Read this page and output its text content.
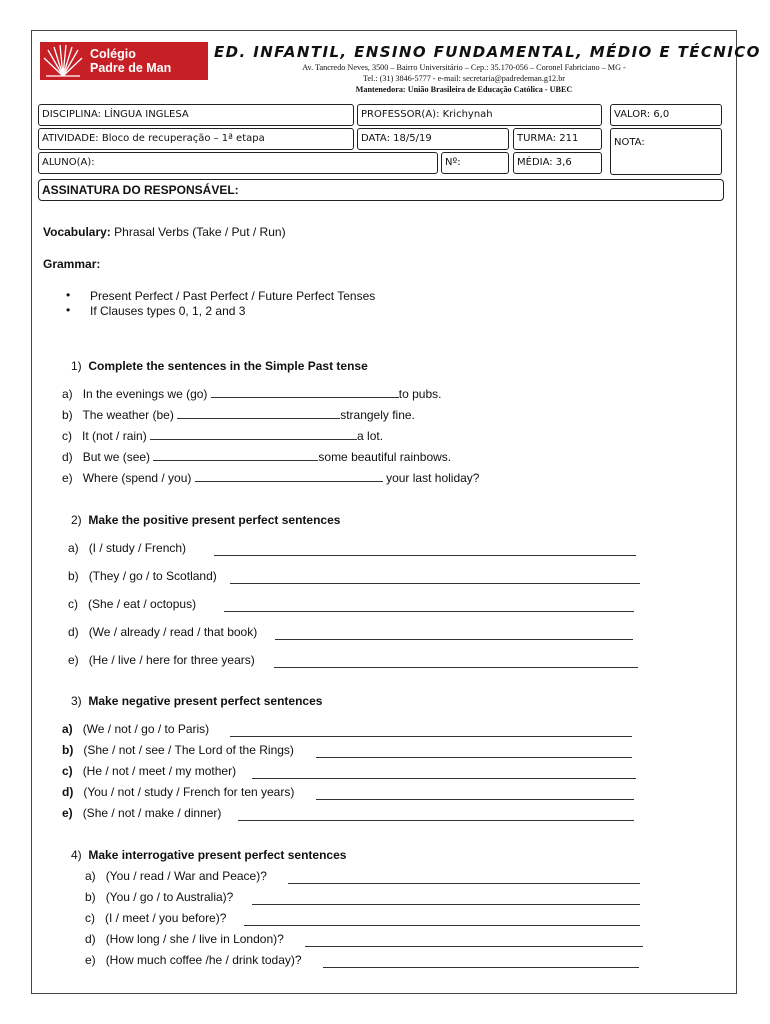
Colégio
Padre de Man
ED. INFANTIL, ENSINO FUNDAMENTAL, MÉDIO E TÉCNICO
Av. Tancredo Neves, 3500 – Bairro Universitário – Cep.: 35.170-056 – Coronel Fabriciano – MG -
Tel.: (31) 3846-5777 - e-mail: secretaria@padredeman.g12.br
Mantenedora: União Brasileira de Educação Católica - UBEC
DISCIPLINA: LÍNGUA INGLESA	PROFESSOR(A): Krichynah	VALOR: 6,0
ATIVIDADE: Bloco de recuperação – 1ª etapa	DATA: 18/5/19	TURMA: 211	NOTA:
ALUNO(A):	Nº:	MÉDIA: 3,6
ASSINATURA DO RESPONSÁVEL:
Vocabulary: Phrasal Verbs (Take / Put / Run)
Grammar:
• Present Perfect / Past Perfect / Future Perfect Tenses
• If Clauses types 0, 1, 2 and 3
1) Complete the sentences in the Simple Past tense
a) In the evenings we (go)	to pubs.
b) The weather (be)	strangely fine.
c) It (not / rain)	a lot.
d) But we (see)	some beautiful rainbows.
e) Where (spend / you)	your last holiday?
2) Make the positive present perfect sentences
a) (I / study / French)
b) (They / go / to Scotland)
c) (She / eat / octopus)
d) (We / already / read / that book)
e) (He / live / here for three years)
3) Make negative present perfect sentences
a) (We / not / go / to Paris)
b) (She / not / see / The Lord of the Rings)
c) (He / not / meet / my mother)
d) (You / not / study / French for ten years)
e) (She / not / make / dinner)
4) Make interrogative present perfect sentences
a) (You / read / War and Peace)?
b) (You / go / to Australia)?
c) (I / meet / you before)?
d) (How long / she / live in London)?
e) (How much coffee /he / drink today)?
